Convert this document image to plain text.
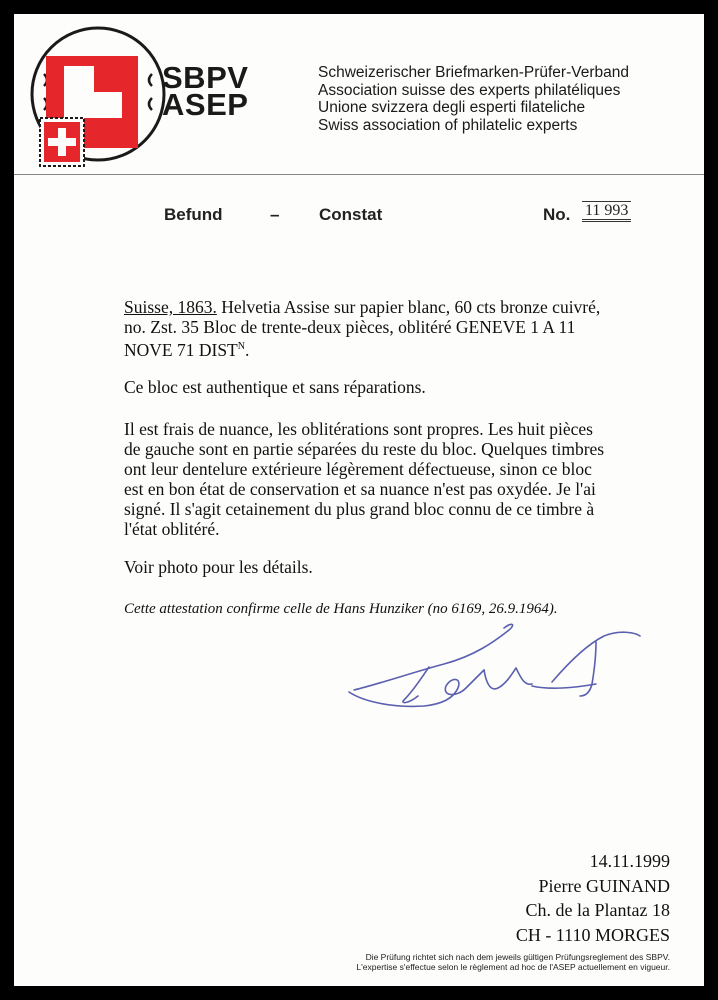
SBPV
ASEP
Schweizerischer Briefmarken-Prüfer-Verband
Association suisse des experts philatéliques
Unione svizzera degli esperti filateliche
Swiss association of philatelic experts
Befund	– Constat	No. 11 993
Suisse, 1863. Helvetia Assise sur papier blanc, 60 cts bronze cuivré,
no. Zst. 35 Bloc de trente-deux pièces, oblitéré GENEVE 1 A 11
NOVE 71 $DIST^N$.
Ce bloc est authentique et sans réparations.
Il est frais de nuance, les oblitérations sont propres. Les huit pièces
de gauche sont en partie séparées du reste du bloc. Quelques timbres
ont leur dentelure extérieure légèrement défectueuse, sinon ce bloc
est en bon état de conservation et sa nuance n'est pas oxydée. Je l'ai
signé. Il s'agit cetainement du plus grand bloc connu de ce timbre à
l'état oblitéré.
Voir photo pour les détails.
Cette attestation confirme celle de Hans Hunziker (no 6169, 26.9.1964).
14.11.1999
Pierre GUINAND
Ch. de la Plantaz 18
CH - 1110 MORGES
Die Prüfung richtet sich nach dem jeweils gültigen Prüfungsreglement des SBPV.
L'expertise s'effectue selon le règlement ad hoc de l'ASEP actuellement en vigueur.
